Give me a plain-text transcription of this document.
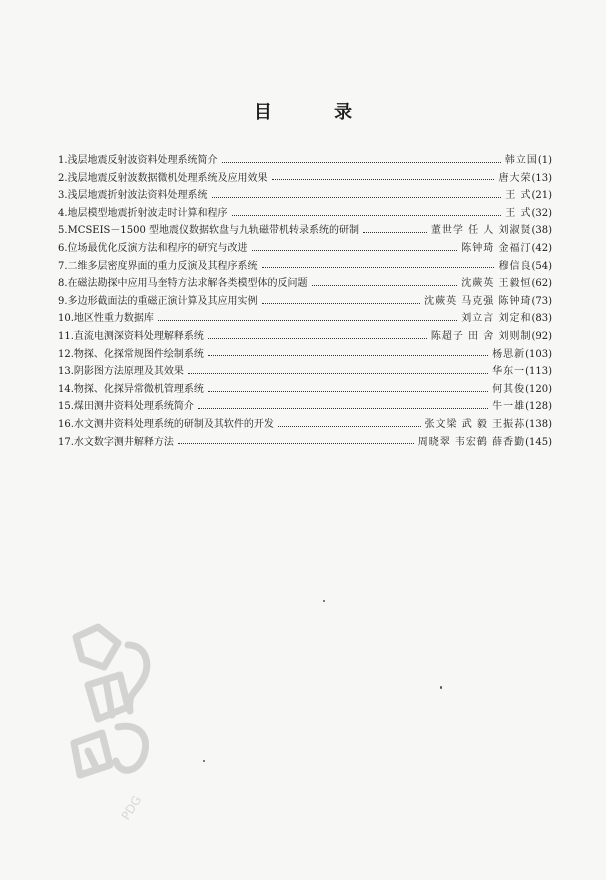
目 录
1. 浅层地震反射波资料处理系统简介	韩立国 (1)
2. 浅层地震反射波数据微机处理系统及应用效果	唐大荣 (13)
3. 浅层地震折射波法资料处理系统	王 式 (21)
4. 地层模型地震折射波走时计算和程序	王 式 (32)
5. MCSEIS－1500 型地震仪数据软盘与九轨磁带机转录系统的研制	董世学 任 人 刘淑贤 (38)
6. 位场最优化反演方法和程序的研究与改进	陈钟琦 金福汀 (42)
7. 二维多层密度界面的重力反演及其程序系统	穆信良 (54)
8. 在磁法勘探中应用马奎特方法求解各类模型体的反问题	沈蕨英 王毅恒 (62)
9. 多边形截面法的重磁正演计算及其应用实例	沈蕨英 马克强 陈钟琦 (73)
10. 地区性重力数据库	刘立言 刘定和 (83)
11. 直流电测深资料处理解释系统	陈超子 田 舍 刘则制 (92)
12. 物探、化探常规图件绘制系统	杨思新 (103)
13. 阴影图方法原理及其效果	华东一 (113)
14. 物探、化探异常微机管理系统	何其俊 (120)
15. 煤田测井资料处理系统简介	牛一雄 (128)
16. 水文测井资料处理系统的研制及其软件的开发	张文梁 武 毅 王振荪 (138)
17. 水文数字测井解释方法	周晓翠 韦宏鹤 薛香勤 (145)
PDG
